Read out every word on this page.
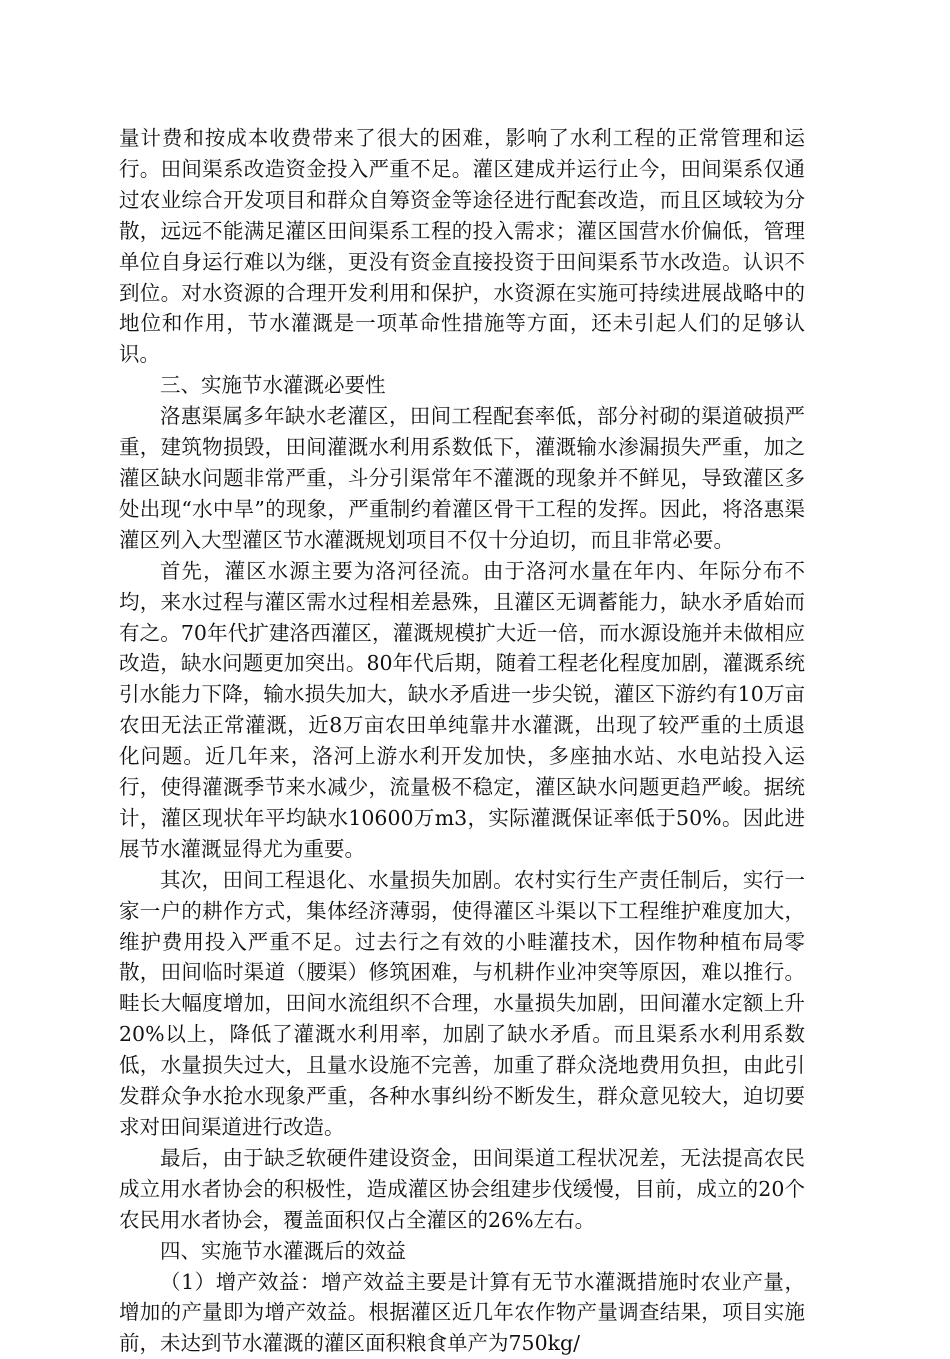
量计费和按成本收费带来了很大的困难，影响了水利工程的正常管理和运行。田间渠系改造资金投入严重不足。灌区建成并运行止今，田间渠系仅通过农业综合开发项目和群众自筹资金等途径进行配套改造，而且区域较为分散，远远不能满足灌区田间渠系工程的投入需求；灌区国营水价偏低，管理单位自身运行难以为继，更没有资金直接投资于田间渠系节水改造。认识不到位。对水资源的合理开发利用和保护，水资源在实施可持续进展战略中的地位和作用，节水灌溉是一项革命性措施等方面，还未引起人们的足够认识。

三、实施节水灌溉必要性

洛惠渠属多年缺水老灌区，田间工程配套率低，部分衬砌的渠道破损严重，建筑物损毁，田间灌溉水利用系数低下，灌溉输水渗漏损失严重，加之灌区缺水问题非常严重，斗分引渠常年不灌溉的现象并不鲜见，导致灌区多处出现“水中旱”的现象，严重制约着灌区骨干工程的发挥。因此，将洛惠渠灌区列入大型灌区节水灌溉规划项目不仅十分迫切，而且非常必要。

首先，灌区水源主要为洛河径流。由于洛河水量在年内、年际分布不均，来水过程与灌区需水过程相差悬殊，且灌区无调蓄能力，缺水矛盾始而有之。70年代扩建洛西灌区，灌溉规模扩大近一倍，而水源设施并未做相应改造，缺水问题更加突出。80年代后期，随着工程老化程度加剧，灌溉系统引水能力下降，输水损失加大，缺水矛盾进一步尖锐，灌区下游约有10万亩农田无法正常灌溉，近8万亩农田单纯靠井水灌溉，出现了较严重的土质退化问题。近几年来，洛河上游水利开发加快，多座抽水站、水电站投入运行，使得灌溉季节来水减少，流量极不稳定，灌区缺水问题更趋严峻。据统计，灌区现状年平均缺水10600万m3，实际灌溉保证率低于50%。因此进展节水灌溉显得尤为重要。

其次，田间工程退化、水量损失加剧。农村实行生产责任制后，实行一家一户的耕作方式，集体经济薄弱，使得灌区斗渠以下工程维护难度加大，维护费用投入严重不足。过去行之有效的小畦灌技术，因作物种植布局零散，田间临时渠道（腰渠）修筑困难，与机耕作业冲突等原因，难以推行。畦长大幅度增加，田间水流组织不合理，水量损失加剧，田间灌水定额上升20%以上，降低了灌溉水利用率，加剧了缺水矛盾。而且渠系水利用系数低，水量损失过大，且量水设施不完善，加重了群众浇地费用负担，由此引发群众争水抢水现象严重，各种水事纠纷不断发生，群众意见较大，迫切要求对田间渠道进行改造。

最后，由于缺乏软硬件建设资金，田间渠道工程状况差，无法提高农民成立用水者协会的积极性，造成灌区协会组建步伐缓慢，目前，成立的20个农民用水者协会，覆盖面积仅占全灌区的26%左右。

四、实施节水灌溉后的效益

（1）增产效益：增产效益主要是计算有无节水灌溉措施时农业产量，增加的产量即为增产效益。根据灌区近几年农作物产量调查结果，项目实施前，未达到节水灌溉的灌区面积粮食单产为750kg/
